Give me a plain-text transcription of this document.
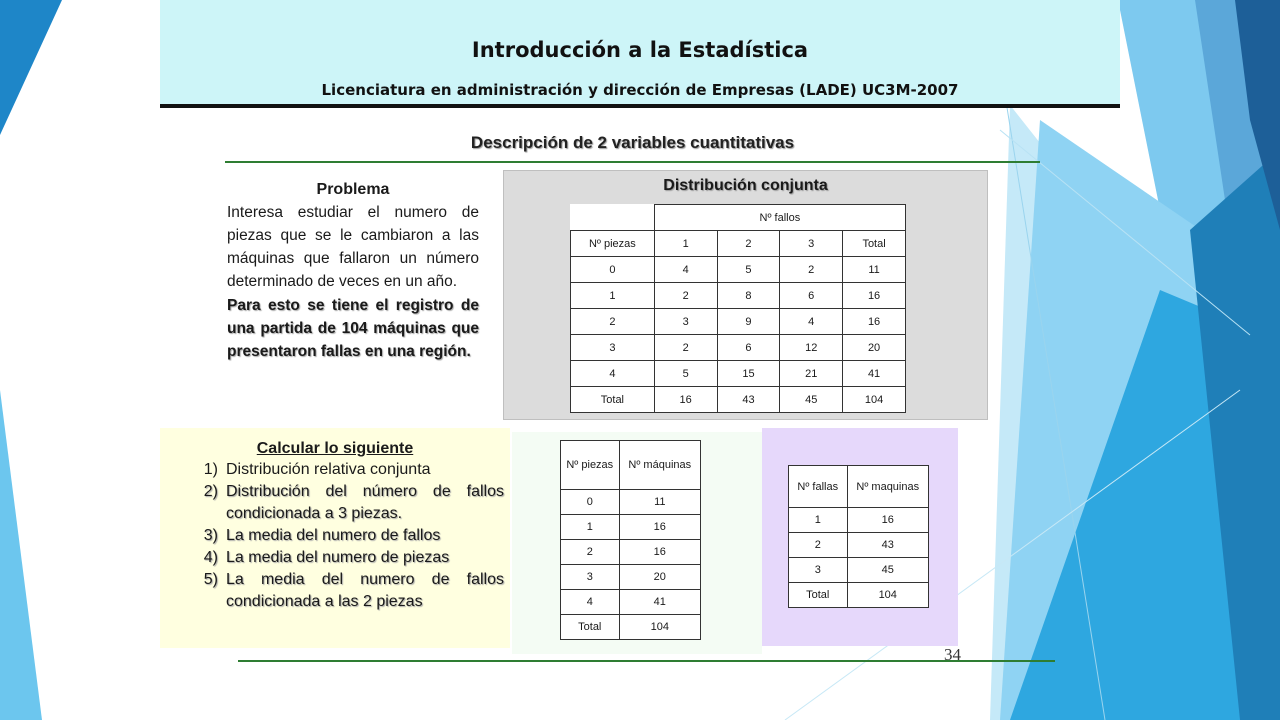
Introducción a la Estadística
Licenciatura en administración y dirección de Empresas (LADE) UC3M-2007
Descripción de 2 variables cuantitativas
Problema

Interesa estudiar el numero de piezas que se le cambiaron a las máquinas que fallaron un número determinado de veces en un año.

Para esto se tiene el registro de una partida de 104 máquinas que presentaron fallas en una región.

Distribución conjunta
	Nº fallos			
Nº piezas	1	2	3	Total
0	4	5	2	11
1	2	8	6	16
2	3	9	4	16
3	2	6	12	20
4	5	15	21	41
Total	16	43	45	104
Calcular lo siguiente
1) Distribución relativa conjunta
2) Distribución del número de fallos condicionada a 3 piezas.
3) La media del numero de fallos
4) La media del numero de piezas
5) La media del numero de fallos condicionada a las 2 piezas
Nº piezas	Nº máquinas
0	11
1	16
2	16
3	20
4	41
Total	104
Nº fallas	Nº maquinas
1	16
2	43
3	45
Total	104
34
